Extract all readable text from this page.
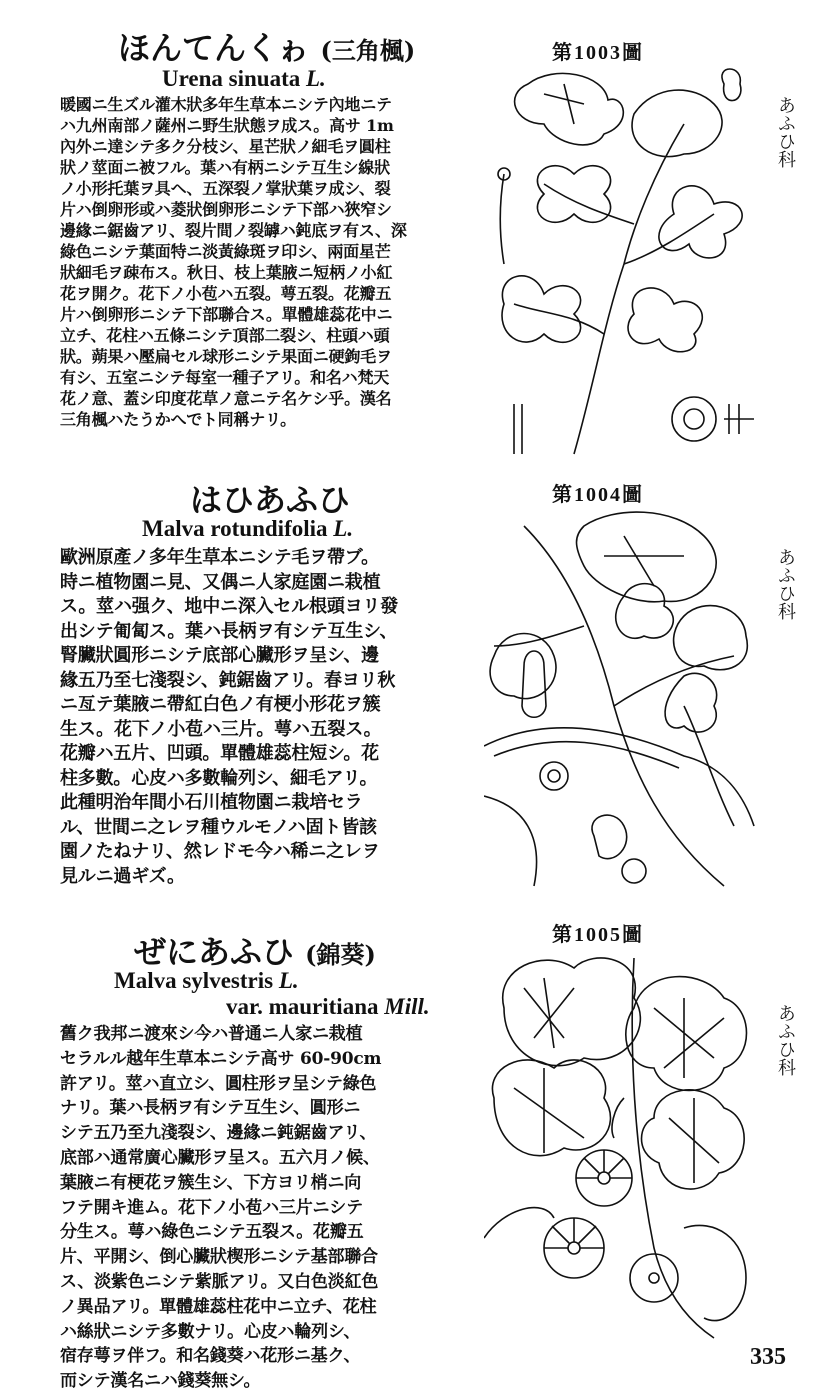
ほんてんくゎ (三角楓)
Urena sinuata L.
暖國ニ生ズル灌木狀多年生草本ニシテ內地ニテ
ハ九州南部ノ薩州ニ野生狀態ヲ成ス。高サ 1m
內外ニ達シテ多ク分枝シ、星芒狀ノ細毛ヲ圓柱
狀ノ莖面ニ被フル。葉ハ有柄ニシテ互生シ線狀
ノ小形托葉ヲ具ヘ、五深裂ノ掌狀葉ヲ成シ、裂
片ハ倒卵形或ハ菱狀倒卵形ニシテ下部ハ狹窄シ
邊緣ニ鋸齒アリ、裂片間ノ裂罅ハ鈍底ヲ有ス、深
綠色ニシテ葉面特ニ淡黃綠斑ヲ印シ、兩面星芒
狀細毛ヲ疎布ス。秋日、枝上葉腋ニ短柄ノ小紅
花ヲ開ク。花下ノ小苞ハ五裂。萼五裂。花瓣五
片ハ倒卵形ニシテ下部聯合ス。單體雄蕊花中ニ
立チ、花柱ハ五條ニシテ頂部二裂シ、柱頭ハ頭
狀。蒴果ハ壓扁セル球形ニシテ果面ニ硬鉤毛ヲ
有シ、五室ニシテ每室一種子アリ。和名ハ梵天
花ノ意、蓋シ印度花草ノ意ニテ名ケシ乎。漢名
三角楓ハたうかへでト同稱ナリ。
第1003圖
あふひ科
はひあふひ
Malva rotundifolia L.
歐洲原產ノ多年生草本ニシテ毛ヲ帶ブ。
時ニ植物園ニ見、又偶ニ人家庭園ニ栽植
ス。莖ハ强ク、地中ニ深入セル根頭ヨリ發
出シテ匍匐ス。葉ハ長柄ヲ有シテ互生シ、
腎臟狀圓形ニシテ底部心臟形ヲ呈シ、邊
緣五乃至七淺裂シ、鈍鋸齒アリ。春ヨリ秋
ニ亙テ葉腋ニ帶紅白色ノ有梗小形花ヲ簇
生ス。花下ノ小苞ハ三片。萼ハ五裂ス。
花瓣ハ五片、凹頭。單體雄蕊柱短シ。花
柱多數。心皮ハ多數輪列シ、細毛アリ。
此種明治年間小石川植物園ニ栽培セラ
ル、世間ニ之レヲ種ウルモノハ固ト皆該
園ノたねナリ、然レドモ今ハ稀ニ之レヲ
見ルニ過ギズ。
第1004圖
あふひ科
ぜにあふひ (錦葵)
Malva sylvestris L.
var. mauritiana Mill.
舊ク我邦ニ渡來シ今ハ普通ニ人家ニ栽植
セラルル越年生草本ニシテ高サ 60-90cm
許アリ。莖ハ直立シ、圓柱形ヲ呈シテ綠色
ナリ。葉ハ長柄ヲ有シテ互生シ、圓形ニ
シテ五乃至九淺裂シ、邊緣ニ鈍鋸齒アリ、
底部ハ通常廣心臟形ヲ呈ス。五六月ノ候、
葉腋ニ有梗花ヲ簇生シ、下方ヨリ梢ニ向
フテ開キ進ム。花下ノ小苞ハ三片ニシテ
分生ス。萼ハ綠色ニシテ五裂ス。花瓣五
片、平開シ、倒心臟狀楔形ニシテ基部聯合
ス、淡紫色ニシテ紫脈アリ。又白色淡紅色
ノ異品アリ。單體雄蕊柱花中ニ立チ、花柱
ハ絲狀ニシテ多數ナリ。心皮ハ輪列シ、
宿存萼ヲ伴フ。和名錢葵ハ花形ニ基ク、
而シテ漢名ニハ錢葵無シ。
第1005圖
あふひ科
335
